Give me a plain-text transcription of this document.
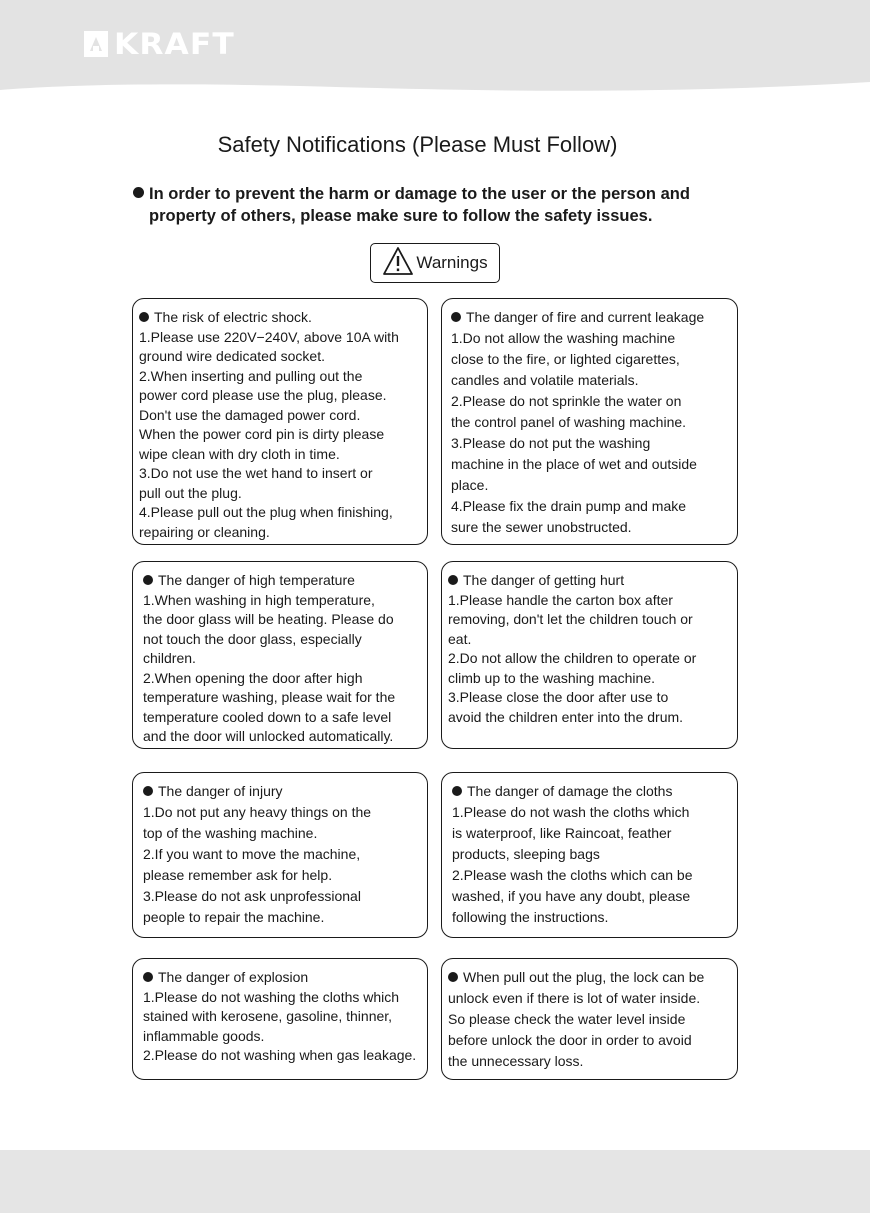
KRAFT
Safety Notifications (Please Must Follow)
In order to prevent the harm or damage to the user or the person and
property of others, please make sure to follow the safety issues.
Warnings
The risk of electric shock.
1.Please use 220V−240V, above 10A with
ground wire dedicated socket.
2.When inserting and pulling out the
power cord please use the plug, please.
Don't use the damaged power cord.
When the power cord pin is dirty please
wipe clean with dry cloth in time.
3.Do not use the wet hand to insert or
pull out the plug.
4.Please pull out the plug when finishing,
repairing or cleaning.
The danger of fire and current leakage
1.Do not allow the washing machine
close to the fire, or lighted cigarettes,
candles and volatile materials.
2.Please do not sprinkle the water on
the control panel of washing machine.
3.Please do not put the washing
machine in the place of wet and outside
place.
4.Please fix the drain pump and make
sure the sewer unobstructed.
The danger of high temperature
1.When washing in high temperature,
the door glass will be heating. Please do
not touch the door glass, especially
children.
2.When opening the door after high
temperature washing, please wait for the
temperature cooled down to a safe level
and the door will unlocked automatically.
The danger of getting hurt
1.Please handle the carton box after
removing, don't let the children touch or
eat.
2.Do not allow the children to operate or
climb up to the washing machine.
3.Please close the door after use to
avoid the children enter into the drum.
The danger of injury
1.Do not put any heavy things on the
top of the washing machine.
2.If you want to move the machine,
please remember ask for help.
3.Please do not ask unprofessional
people to repair the machine.
The danger of damage the cloths
1.Please do not wash the cloths which
is waterproof, like Raincoat, feather
products, sleeping bags
2.Please wash the cloths which can be
washed, if you have any doubt, please
following the instructions.
The danger of explosion
1.Please do not washing the cloths which
stained with kerosene, gasoline, thinner,
inflammable goods.
2.Please do not washing when gas leakage.
When pull out the plug, the lock can be
unlock even if there is lot of water inside.
So please check the water level inside
before unlock the door in order to avoid
the unnecessary loss.
